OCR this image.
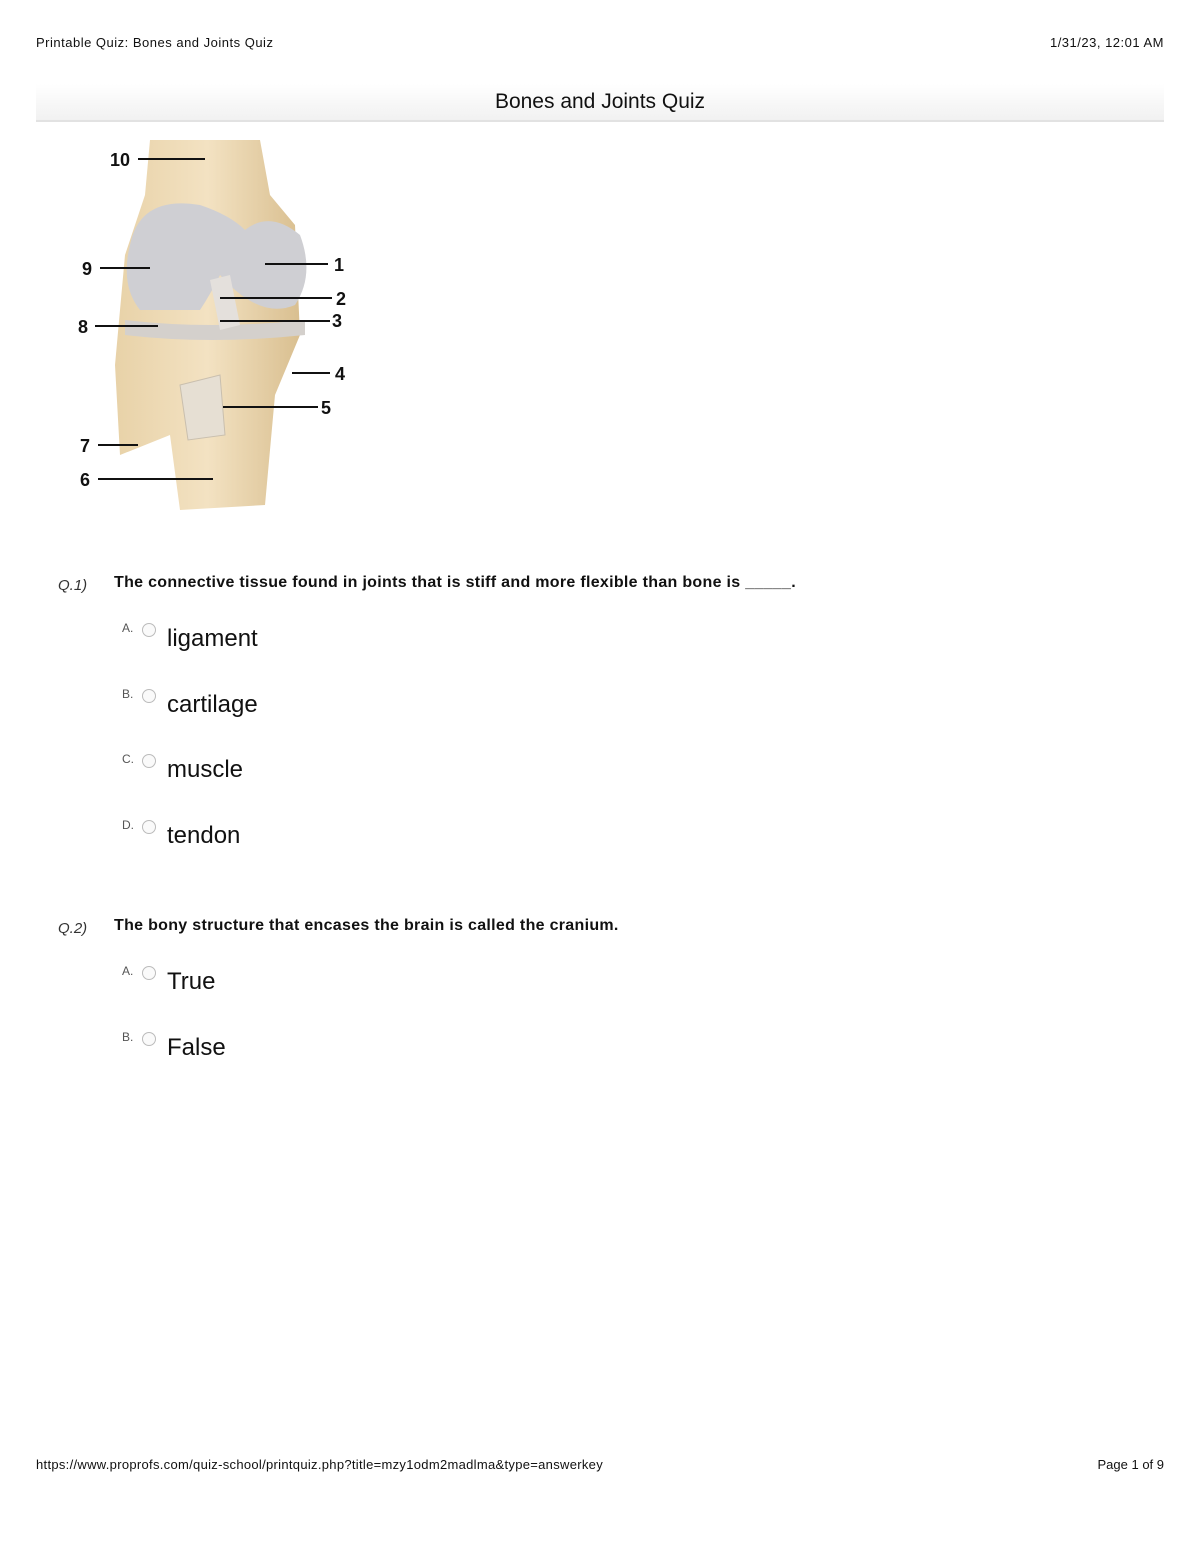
Printable Quiz: Bones and Joints Quiz	1/31/23, 12:01 AM
Bones and Joints Quiz
1
2
3
4
5
6
7
8
9
10
Q.1) The connective tissue found in joints that is stiff and more flexible than bone is _____.
A. ligament
B. cartilage
C. muscle
D. tendon
Q.2) The bony structure that encases the brain is called the cranium.
A. True
B. False
https://www.proprofs.com/quiz-school/printquiz.php?title=mzy1odm2madlma&type=answerkey	Page 1 of 9
